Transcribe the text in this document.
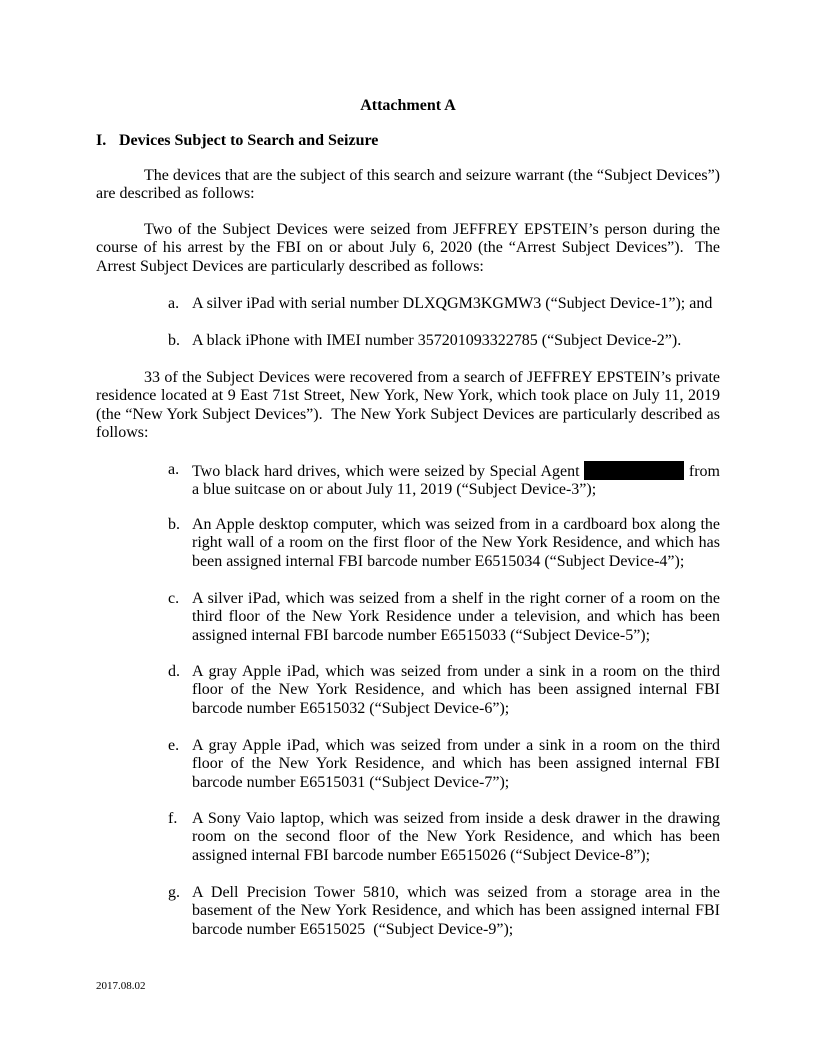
Attachment A
I. Devices Subject to Search and Seizure
The devices that are the subject of this search and seizure warrant (the “Subject Devices”) are described as follows:
Two of the Subject Devices were seized from JEFFREY EPSTEIN’s person during the course of his arrest by the FBI on or about July 6, 2020 (the “Arrest Subject Devices”).  The Arrest Subject Devices are particularly described as follows:
a. A silver iPad with serial number DLXQGM3KGMW3 (“Subject Device-1”); and
b. A black iPhone with IMEI number 357201093322785 (“Subject Device-2”).
33 of the Subject Devices were recovered from a search of JEFFREY EPSTEIN’s private residence located at 9 East 71st Street, New York, New York, which took place on July 11, 2019 (the “New York Subject Devices”).  The New York Subject Devices are particularly described as follows:
a. Two black hard drives, which were seized by Special Agent	from a blue suitcase on or about July 11, 2019 (“Subject Device-3”);
b. An Apple desktop computer, which was seized from in a cardboard box along the right wall of a room on the first floor of the New York Residence, and which has been assigned internal FBI barcode number E6515034 (“Subject Device-4”);
c. A silver iPad, which was seized from a shelf in the right corner of a room on the third floor of the New York Residence under a television, and which has been assigned internal FBI barcode number E6515033 (“Subject Device-5”);
d. A gray Apple iPad, which was seized from under a sink in a room on the third floor of the New York Residence, and which has been assigned internal FBI barcode number E6515032 (“Subject Device-6”);
e. A gray Apple iPad, which was seized from under a sink in a room on the third floor of the New York Residence, and which has been assigned internal FBI barcode number E6515031 (“Subject Device-7”);
f. A Sony Vaio laptop, which was seized from inside a desk drawer in the drawing room on the second floor of the New York Residence, and which has been assigned internal FBI barcode number E6515026 (“Subject Device-8”);
g. A Dell Precision Tower 5810, which was seized from a storage area in the basement of the New York Residence, and which has been assigned internal FBI barcode number E6515025  (“Subject Device-9”);
2017.08.02
